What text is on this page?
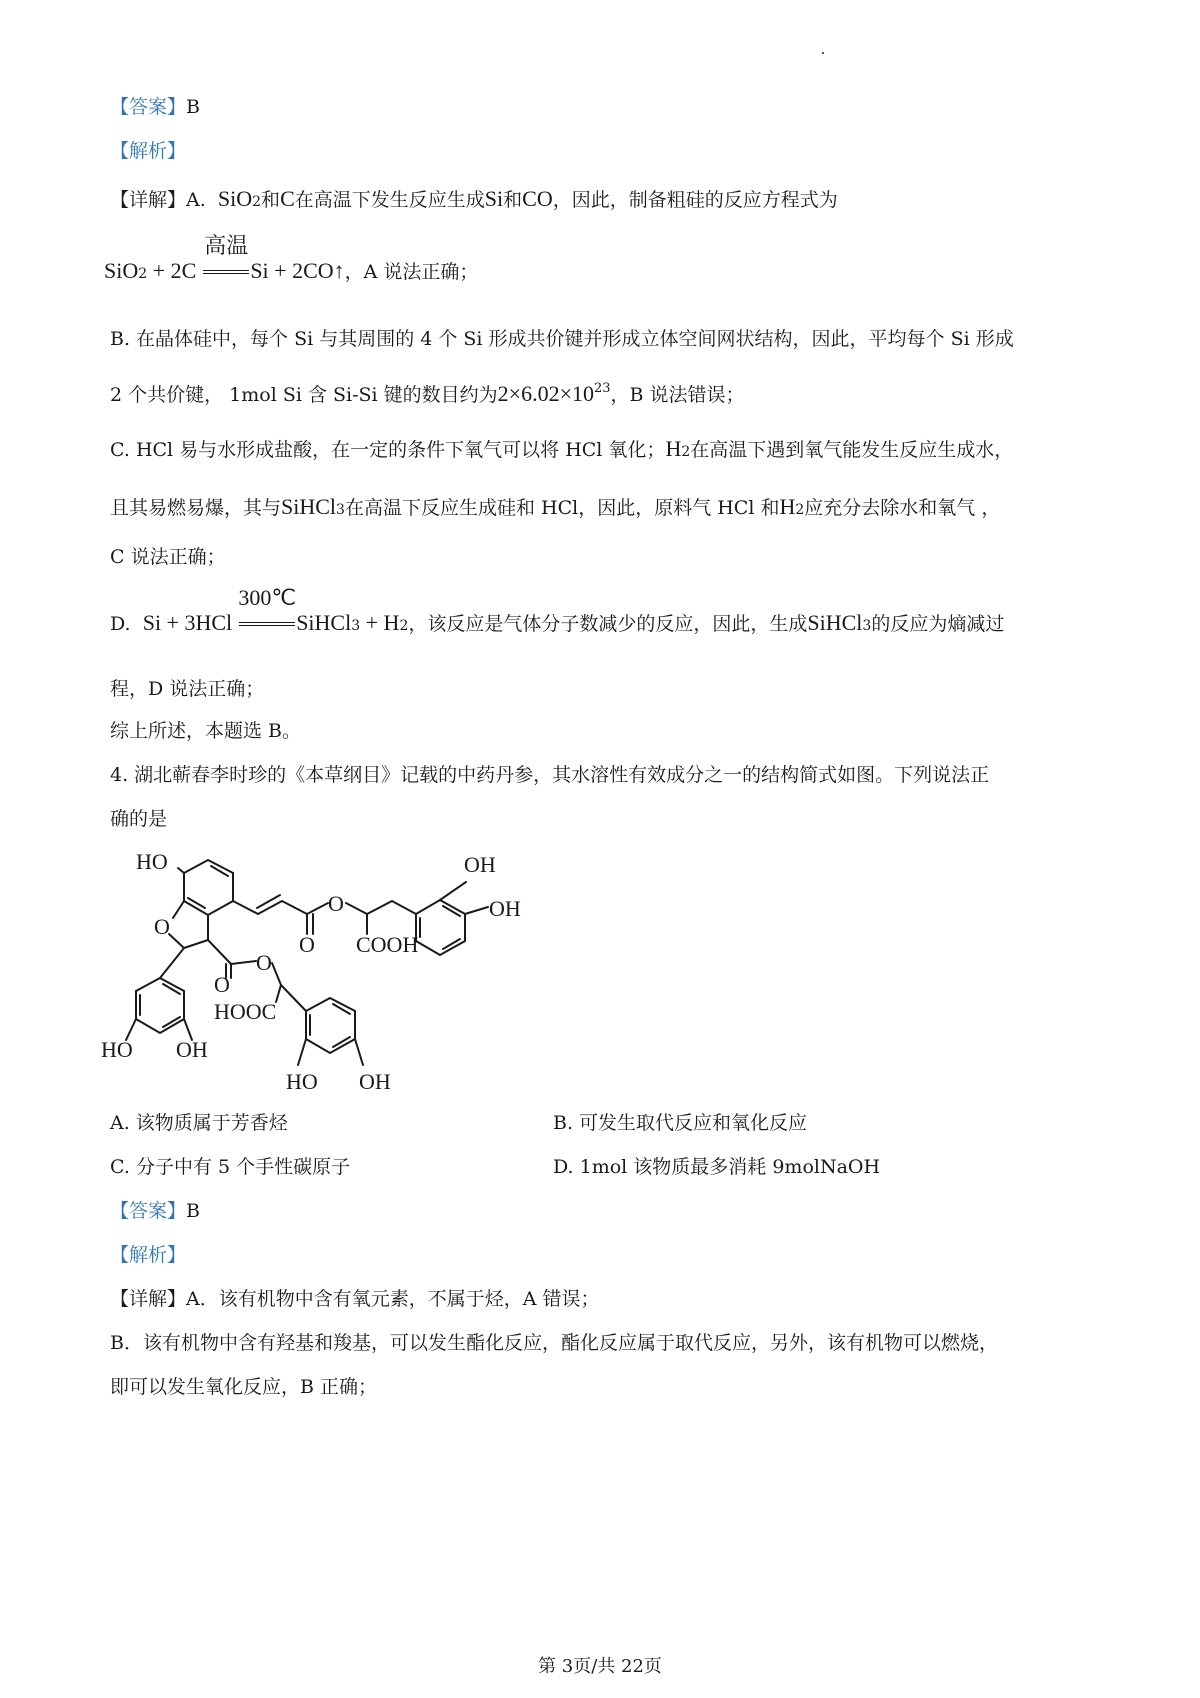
【答案】B
【解析】
【详解】A. SiO2和C在高温下发生反应生成Si和CO，因此，制备粗硅的反应方程式为
SiO2 + 2C
高温
Si + 2CO↑，A 说法正确；
B. 在晶体硅中，每个 Si 与其周围的 4 个 Si 形成共价键并形成立体空间网状结构，因此，平均每个 Si 形成
2 个共价键， 1mol Si 含 Si-Si 键的数目约为$2\times 6.02\times 10^{23}$，B 说法错误；
C. HCl 易与水形成盐酸，在一定的条件下氧气可以将 HCl 氧化；H2在高温下遇到氧气能发生反应生成水，
且其易燃易爆，其与SiHCl3在高温下反应生成硅和 HCl，因此，原料气 HCl 和H2应充分去除水和氧气 ，
C 说法正确；
D. Si + 3HCl
300℃
SiHCl3 + H2，该反应是气体分子数减少的反应，因此，生成SiHCl3的反应为熵减过
程，D 说法正确；
综上所述，本题选 B。
4. 湖北蕲春李时珍的《本草纲目》记载的中药丹参，其水溶性有效成分之一的结构简式如图。下列说法正
确的是
HO
O
O
O COOH
OH
OH
O
O
HOOC
HO OH
HO OH
A. 该物质属于芳香烃	B. 可发生取代反应和氧化反应
C. 分子中有 5 个手性碳原子	D. 1mol 该物质最多消耗 9molNaOH
【答案】B
【解析】
【详解】A．该有机物中含有氧元素，不属于烃，A 错误；
B．该有机物中含有羟基和羧基，可以发生酯化反应，酯化反应属于取代反应，另外，该有机物可以燃烧，
即可以发生氧化反应，B 正确；
第 3页/共 22页
